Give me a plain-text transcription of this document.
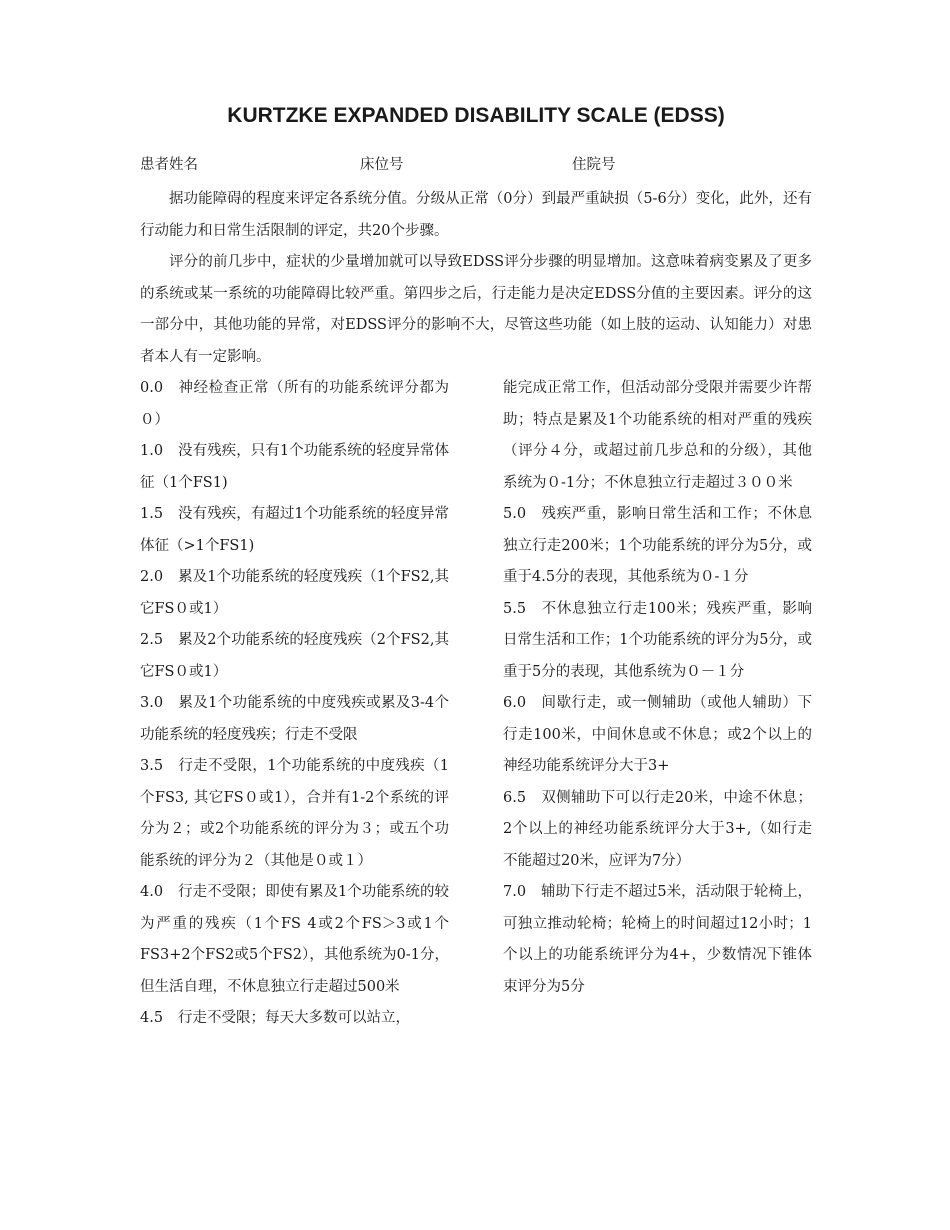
KURTZKE EXPANDED DISABILITY SCALE (EDSS)
患者姓名	床位号	住院号

据功能障碍的程度来评定各系统分值。分级从正常（0分）到最严重缺损（5-6分）变化，此外，还有行动能力和日常生活限制的评定，共20个步骤。

评分的前几步中，症状的少量增加就可以导致EDSS评分步骤的明显增加。这意味着病变累及了更多的系统或某一系统的功能障碍比较严重。第四步之后，行走能力是决定EDSS分值的主要因素。评分的这一部分中，其他功能的异常，对EDSS评分的影响不大，尽管这些功能（如上肢的运动、认知能力）对患者本人有一定影响。

0.0 神经检查正常（所有的功能系统评分都为０）

1.0 没有残疾，只有1个功能系统的轻度异常体征（1个FS1)

1.5 没有残疾，有超过1个功能系统的轻度异常体征（>1个FS1)

2.0 累及1个功能系统的轻度残疾（1个FS2,其它FS０或1）

2.5 累及2个功能系统的轻度残疾（2个FS2,其它FS０或1）

3.0 累及1个功能系统的中度残疾或累及3-4个功能系统的轻度残疾；行走不受限

3.5 行走不受限，1个功能系统的中度残疾（1个FS3, 其它FS０或1），合并有1-2个系统的评分为２；或2个功能系统的评分为３；或五个功能系统的评分为２（其他是０或１）

4.0 行走不受限；即使有累及1个功能系统的较为严重的残疾（1个FS 4或2个FS＞3或1个FS3+2个FS2或5个FS2），其他系统为0-1分，但生活自理，不休息独立行走超过500米

4.5 行走不受限；每天大多数可以站立，

能完成正常工作，但活动部分受限并需要少许帮助；特点是累及1个功能系统的相对严重的残疾（评分４分，或超过前几步总和的分级），其他系统为０-1分；不休息独立行走超过３００米

5.0 残疾严重，影响日常生活和工作；不休息独立行走200米；1个功能系统的评分为5分，或重于4.5分的表现，其他系统为０-１分

5.5 不休息独立行走100米；残疾严重，影响日常生活和工作；1个功能系统的评分为5分，或重于5分的表现，其他系统为０－１分

6.0 间歇行走，或一侧辅助（或他人辅助）下行走100米，中间休息或不休息；或2个以上的神经功能系统评分大于3+

6.5 双侧辅助下可以行走20米，中途不休息；2个以上的神经功能系统评分大于3+,（如行走不能超过20米，应评为7分）

7.0 辅助下行走不超过5米，活动限于轮椅上，可独立推动轮椅；轮椅上的时间超过12小时；1个以上的功能系统评分为4+，少数情况下锥体束评分为5分
